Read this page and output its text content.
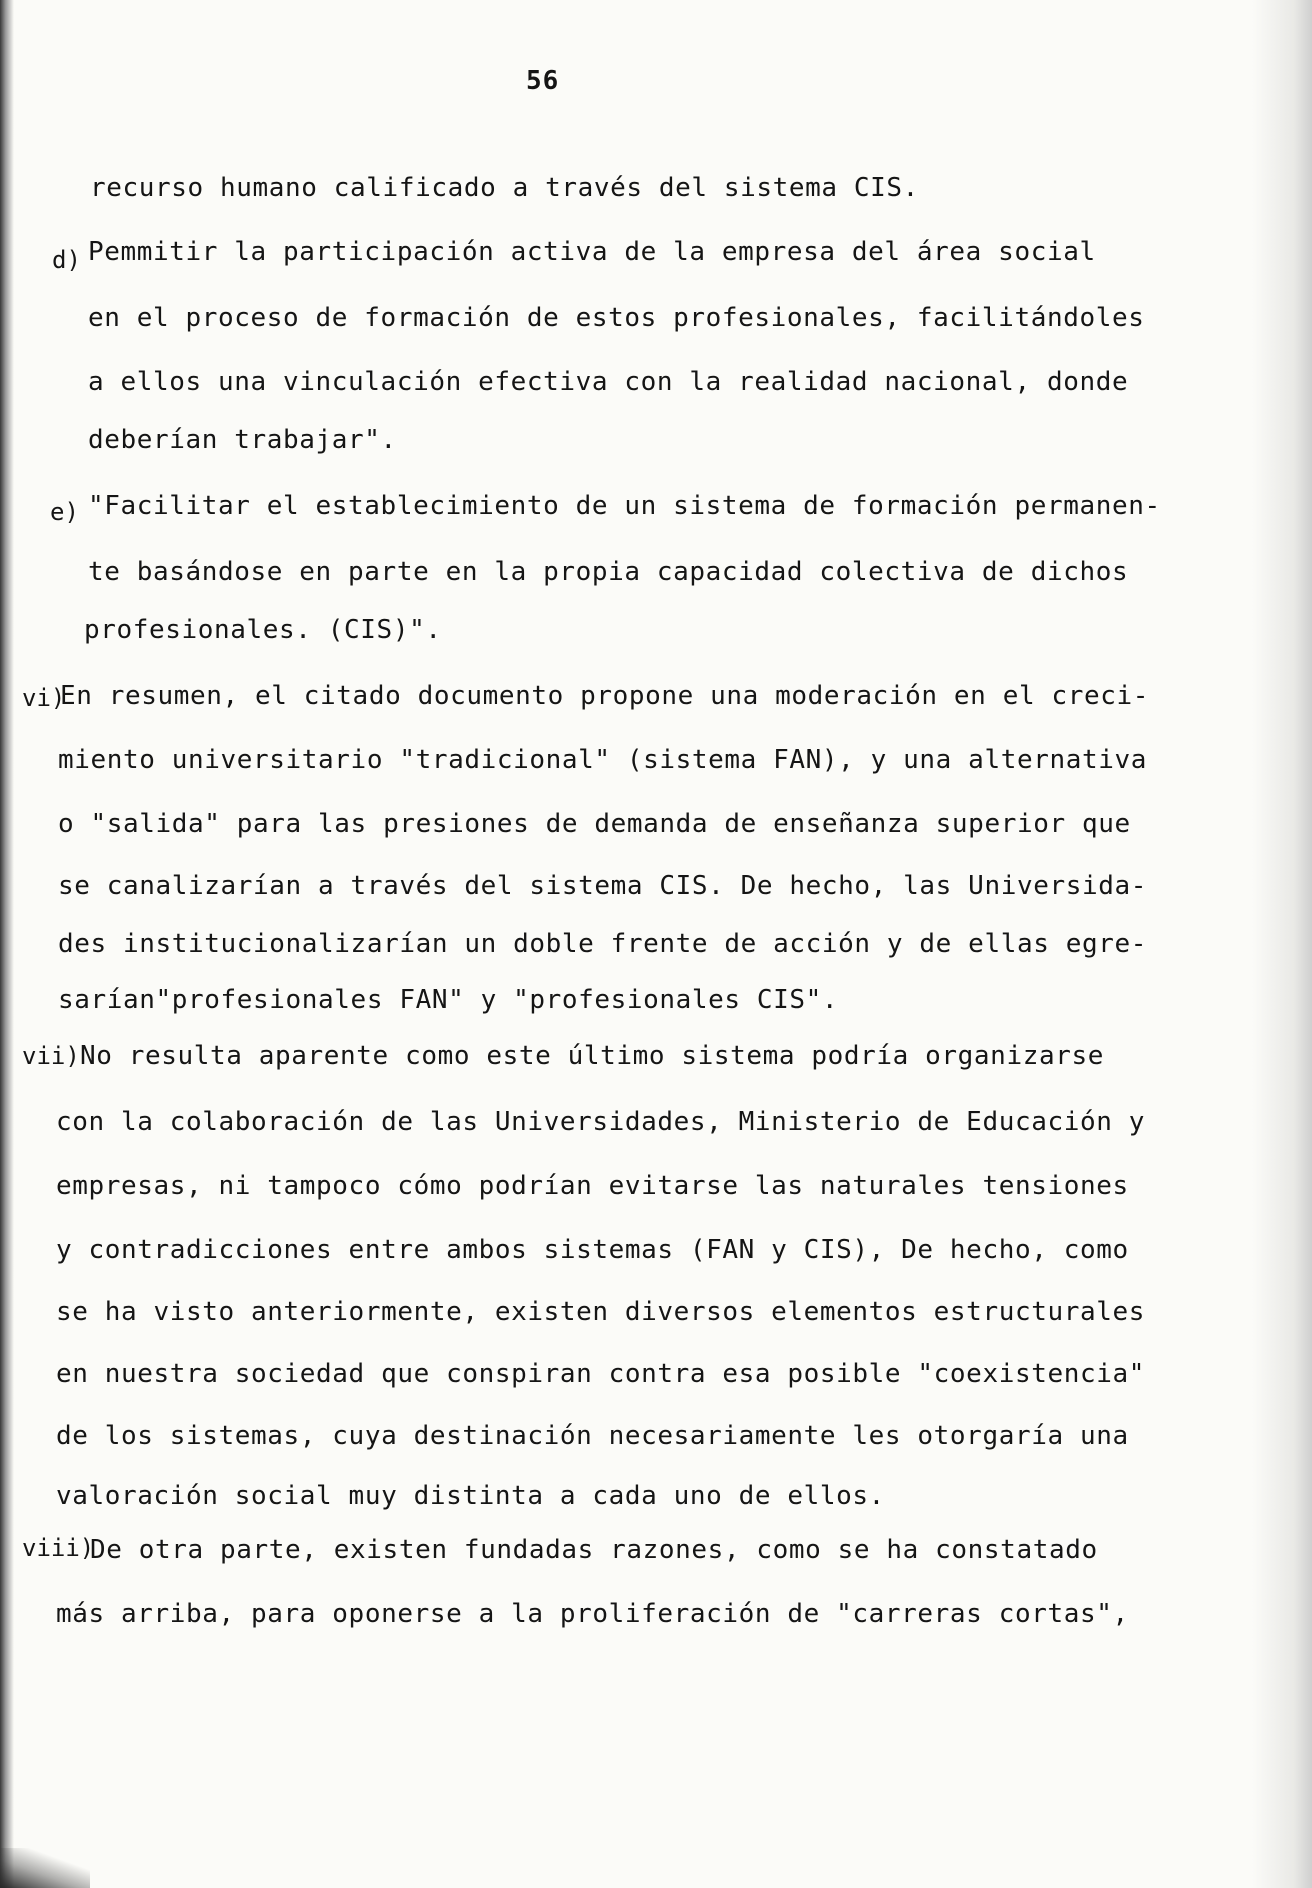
56
recurso humano calificado a través del sistema CIS.
d) Pemmitir la participación activa de la empresa del área social
en el proceso de formación de estos profesionales, facilitándoles
a ellos una vinculación efectiva con la realidad nacional, donde
deberían trabajar".
e) "Facilitar el establecimiento de un sistema de formación permanen-
te basándose en parte en la propia capacidad colectiva de dichos
profesionales. (CIS)".
vi)
En resumen, el citado documento propone una moderación en el creci-
miento universitario "tradicional" (sistema FAN), y una alternativa
o "salida" para las presiones de demanda de enseñanza superior que
se canalizarían a través del sistema CIS. De hecho, las Universida-
des institucionalizarían un doble frente de acción y de ellas egre-
sarían"profesionales FAN" y "profesionales CIS".
vii) No resulta aparente como este último sistema podría organizarse
con la colaboración de las Universidades, Ministerio de Educación y
empresas, ni tampoco cómo podrían evitarse las naturales tensiones
y contradicciones entre ambos sistemas (FAN y CIS), De hecho, como
se ha visto anteriormente, existen diversos elementos estructurales
en nuestra sociedad que conspiran contra esa posible "coexistencia"
de los sistemas, cuya destinación necesariamente les otorgaría una
valoración social muy distinta a cada uno de ellos.
viii)
De otra parte, existen fundadas razones, como se ha constatado
más arriba, para oponerse a la proliferación de "carreras cortas",
